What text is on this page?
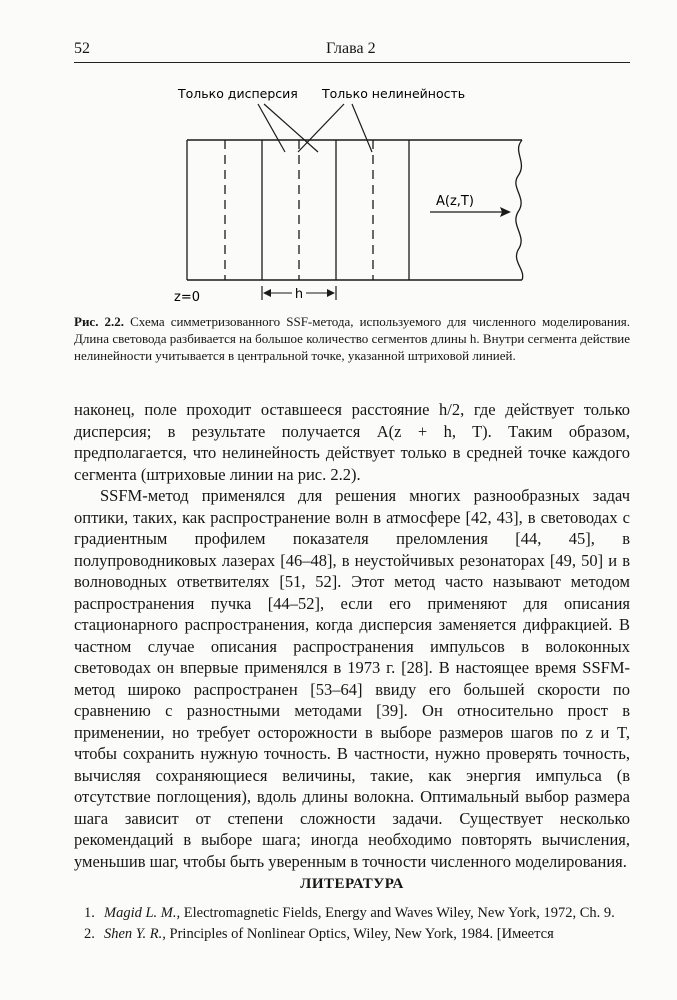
52	Глава 2
Только дисперсия Только нелинейность
A(z,T)
z=0	h
Рис. 2.2. Схема симметризованного SSF-метода, используемого для численного моделирования. Длина световода разбивается на большое количество сегментов длины h. Внутри сегмента действие нелинейности учитывается в центральной точке, указанной штриховой линией.

наконец, поле проходит оставшееся расстояние h/2, где действует только дисперсия; в результате получается A(z + h, T). Таким образом, предполагается, что нелинейность действует только в средней точке каждого сегмента (штриховые линии на рис. 2.2).

SSFM-метод применялся для решения многих разнообразных задач оптики, таких, как распространение волн в атмосфере [42, 43], в световодах с градиентным профилем показателя преломления [44, 45], в полупроводниковых лазерах [46–48], в неустойчивых резонаторах [49, 50] и в волноводных ответвителях [51, 52]. Этот метод часто называют методом распространения пучка [44–52], если его применяют для описания стационарного распространения, когда дисперсия заменяется дифракцией. В частном случае описания распространения импульсов в волоконных световодах он впервые применялся в 1973 г. [28]. В настоящее время SSFM-метод широко распространен [53–64] ввиду его большей скорости по сравнению с разностными методами [39]. Он относительно прост в применении, но требует осторожности в выборе размеров шагов по z и T, чтобы сохранить нужную точность. В частности, нужно проверять точность, вычисляя сохраняющиеся величины, такие, как энергия импульса (в отсутствие поглощения), вдоль длины волокна. Оптимальный выбор размера шага зависит от степени сложности задачи. Существует несколько рекомендаций в выборе шага; иногда необходимо повторять вычисления, уменьшив шаг, чтобы быть уверенным в точности численного моделирования.

ЛИТЕРАТУРА
1. Magid L. M., Electromagnetic Fields, Energy and Waves Wiley, New York, 1972, Ch. 9.
2. Shen Y. R., Principles of Nonlinear Optics, Wiley, New York, 1984. [Имеется
